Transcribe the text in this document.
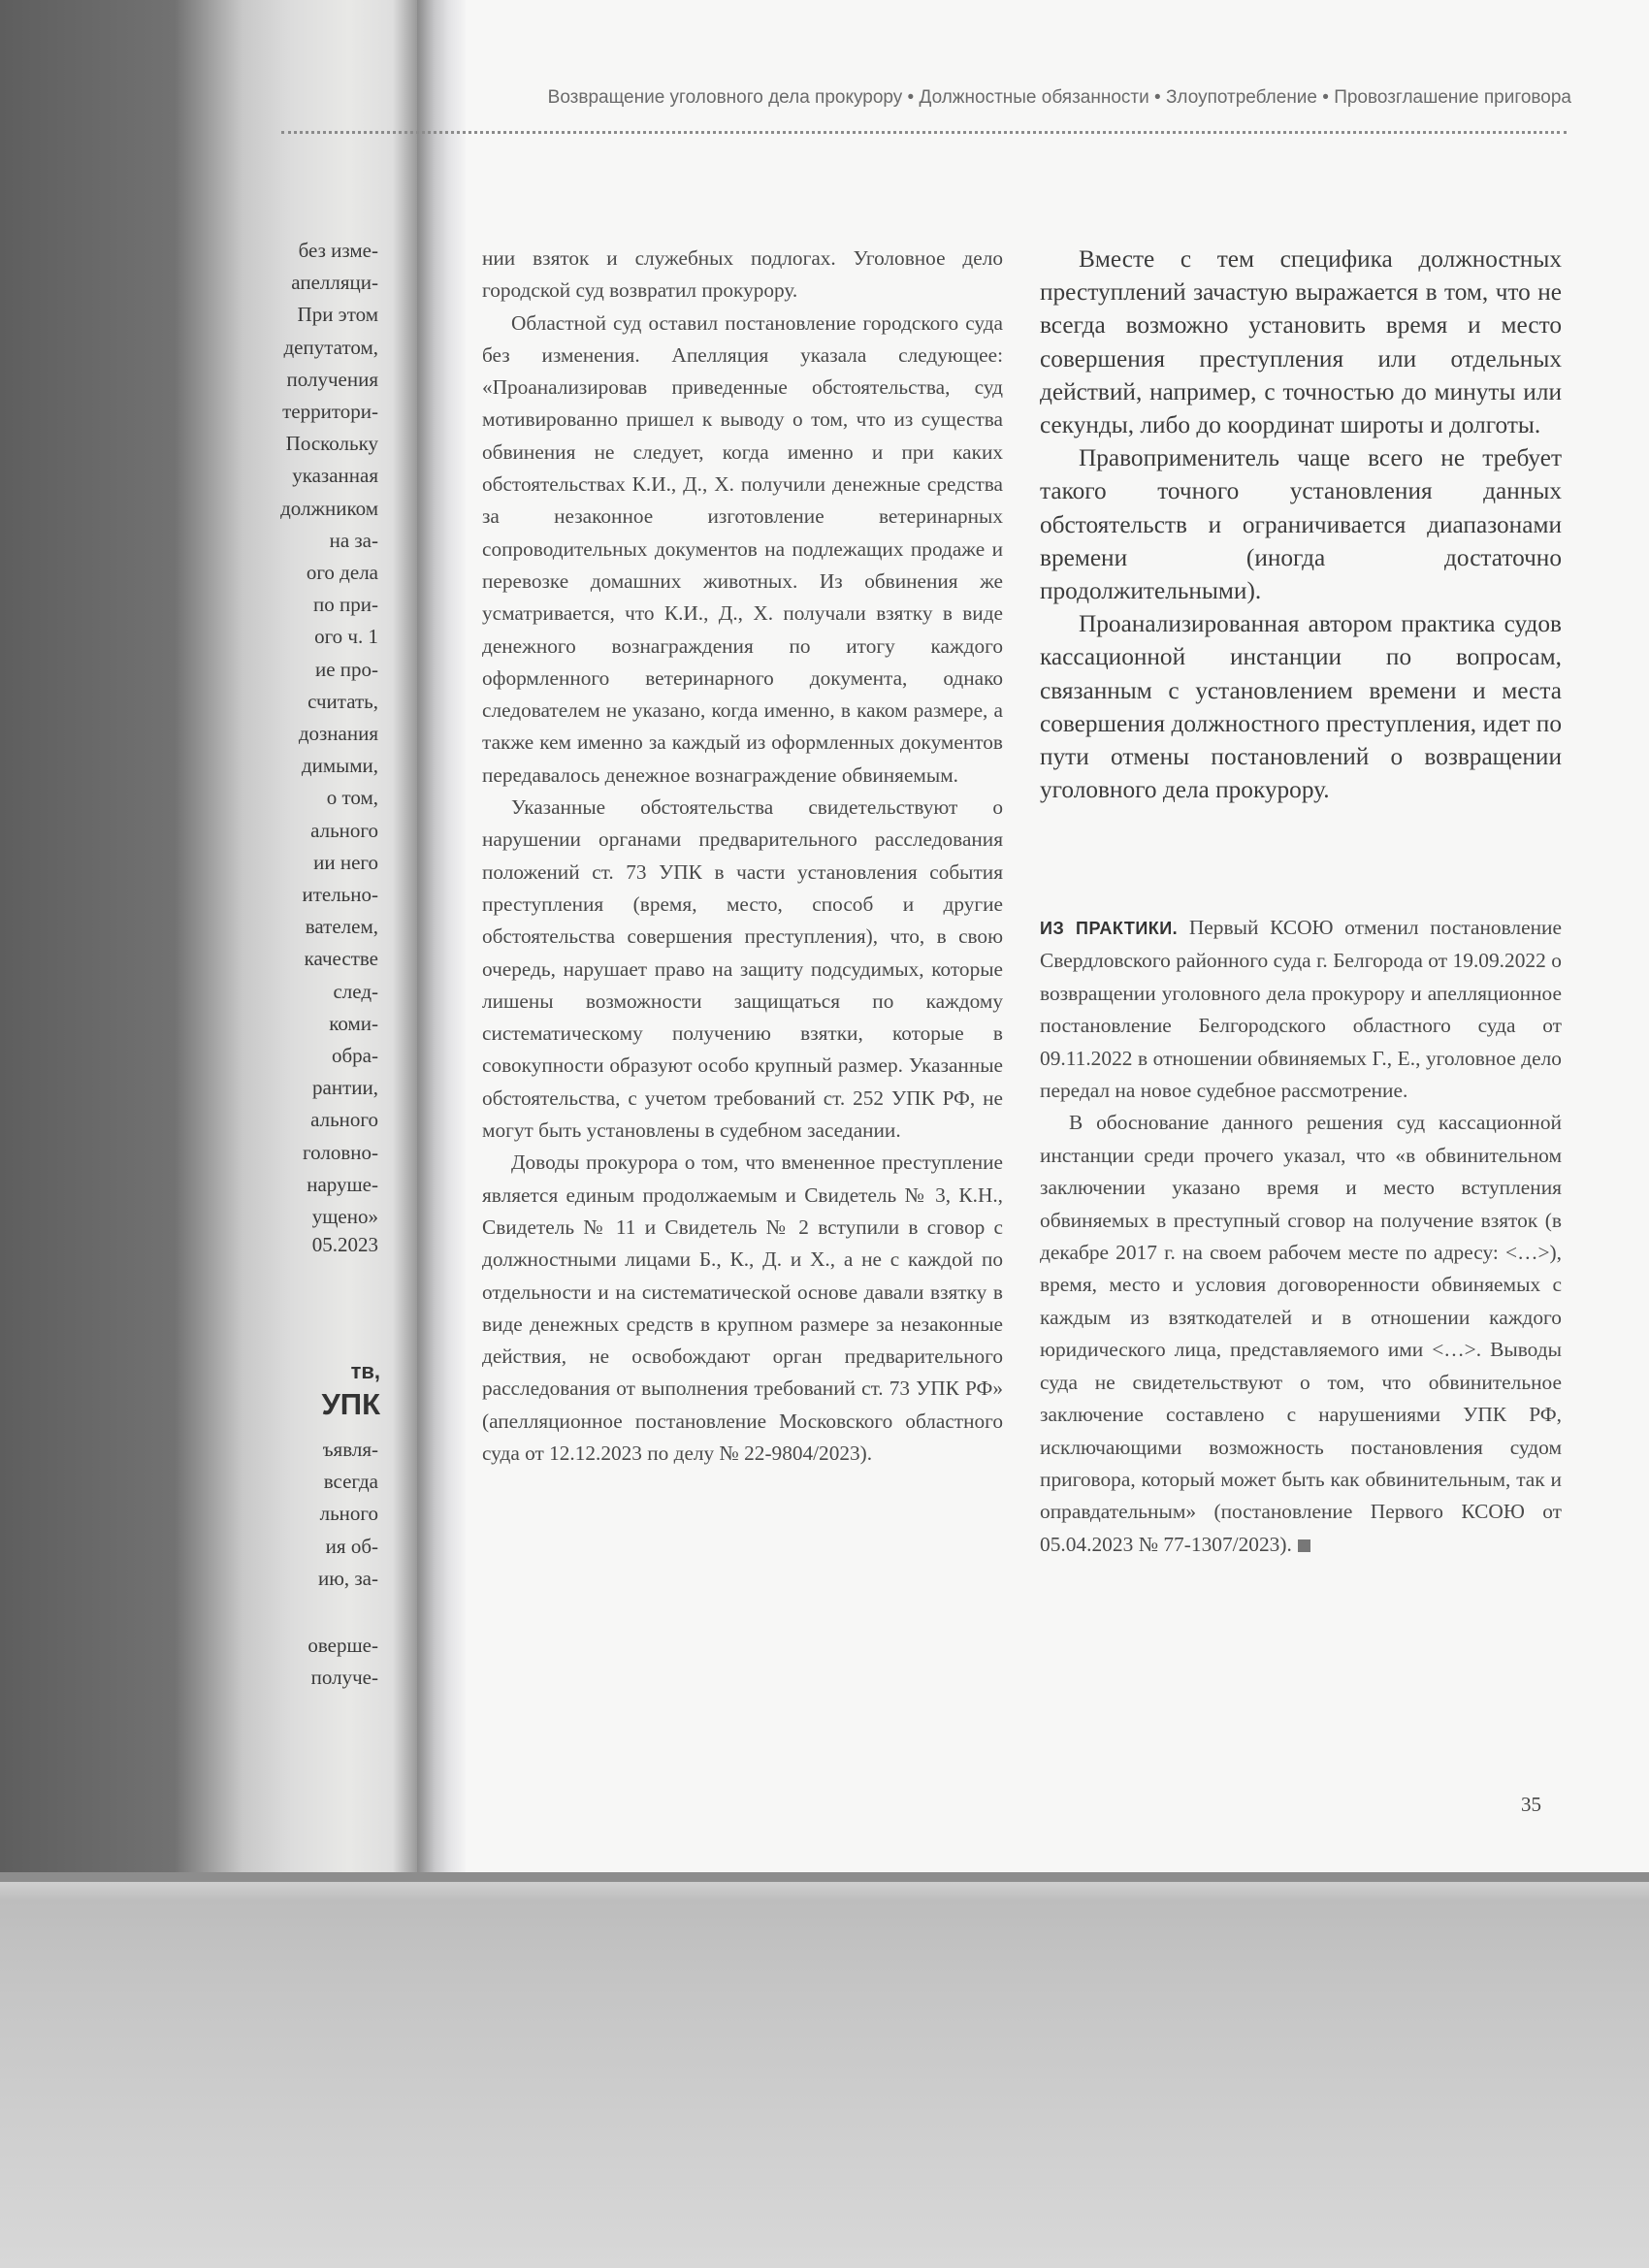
без изме-
апелляци-
При этом
депутатом,
получения
территори-
Поскольку
указанная
должником
на за-
ого дела
по при-
ого ч. 1
ие про-
считать,
дознания
димыми,
о том,
ального
ии него
ительно-
вателем,
качестве
след-
коми-
обра-
рантии,
ального
головно-
наруше-
ущено»
05.2023
тв,
УПК
ъявля-
всегда
льного
ия об-
ию, за-
оверше-
получе-
Возвращение уголовного дела прокурору • Должностные обязанности • Злоупотребление • Провозглашение приговора

нии взяток и служебных подлогах. Уголовное дело городской суд возвратил прокурору.

Областной суд оставил постановление городского суда без изменения. Апелляция указала следующее: «Проанализировав приведенные обстоятельства, суд мотивированно пришел к выводу о том, что из существа обвинения не следует, когда именно и при каких обстоятельствах К.И., Д., Х. получили денежные средства за незаконное изготовление ветеринарных сопроводительных документов на подлежащих продаже и перевозке домашних животных. Из обвинения же усматривается, что К.И., Д., Х. получали взятку в виде денежного вознаграждения по итогу каждого оформленного ветеринарного документа, однако следователем не указано, когда именно, в каком размере, а также кем именно за каждый из оформленных документов передавалось денежное вознаграждение обвиняемым.

Указанные обстоятельства свидетельствуют о нарушении органами предварительного расследования положений ст. 73 УПК в части установления события преступления (время, место, способ и другие обстоятельства совершения преступления), что, в свою очередь, нарушает право на защиту подсудимых, которые лишены возможности защищаться по каждому систематическому получению взятки, которые в совокупности образуют особо крупный размер. Указанные обстоятельства, с учетом требований ст. 252 УПК РФ, не могут быть установлены в судебном заседании.

Доводы прокурора о том, что вмененное преступление является единым продолжаемым и Свидетель № 3, К.Н., Свидетель № 11 и Свидетель № 2 вступили в сговор с должностными лицами Б., К., Д. и Х., а не с каждой по отдельности и на систематической основе давали взятку в виде денежных средств в крупном размере за незаконные действия, не освобождают орган предварительного расследования от выполнения требований ст. 73 УПК РФ» (апелляционное постановление Московского областного суда от 12.12.2023 по делу № 22-9804/2023).

Вместе с тем специфика должностных преступлений зачастую выражается в том, что не всегда возможно установить время и место совершения преступления или отдельных действий, например, с точностью до минуты или секунды, либо до координат широты и долготы.

Правоприменитель чаще всего не требует такого точного установления данных обстоятельств и ограничивается диапазонами времени (иногда достаточно продолжительными).

Проанализированная автором практика судов кассационной инстанции по вопросам, связанным с установлением времени и места совершения должностного преступления, идет по пути отмены постановлений о возвращении уголовного дела прокурору.

ИЗ ПРАКТИКИ. Первый КСОЮ отменил постановление Свердловского районного суда г. Белгорода от 19.09.2022 о возвращении уголовного дела прокурору и апелляционное постановление Белгородского областного суда от 09.11.2022 в отношении обвиняемых Г., Е., уголовное дело передал на новое судебное рассмотрение.

В обоснование данного решения суд кассационной инстанции среди прочего указал, что «в обвинительном заключении указано время и место вступления обвиняемых в преступный сговор на получение взяток (в декабре 2017 г. на своем рабочем месте по адресу: <…>), время, место и условия договоренности обвиняемых с каждым из взяткодателей и в отношении каждого юридического лица, представляемого ими <…>. Выводы суда не свидетельствуют о том, что обвинительное заключение составлено с нарушениями УПК РФ, исключающими возможность постановления судом приговора, который может быть как обвинительным, так и оправдательным» (постановление Первого КСОЮ от 05.04.2023 № 77-1307/2023).

35
